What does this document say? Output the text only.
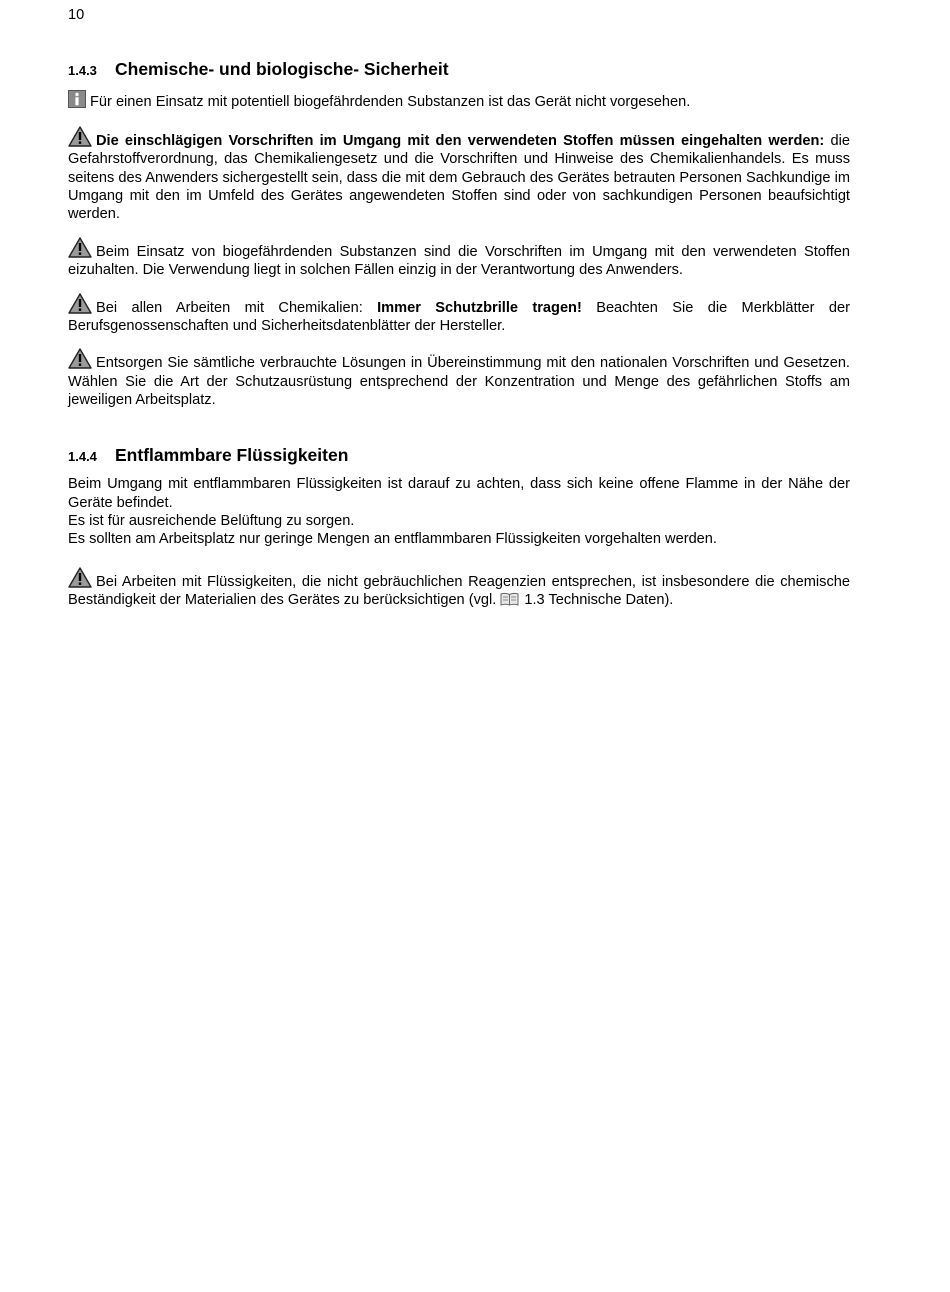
10
1.4.3	Chemische- und biologische- Sicherheit

Für einen Einsatz mit potentiell biogefährdenden Substanzen ist das Gerät nicht vorgesehen.

Die einschlägigen Vorschriften im Umgang mit den verwendeten Stoffen müssen eingehalten werden: die Gefahrstoffverordnung, das Chemikaliengesetz und die Vorschriften und Hinweise des Chemikalienhandels. Es muss seitens des Anwenders sichergestellt sein, dass die mit dem Gebrauch des Gerätes betrauten Personen Sachkundige im Umgang mit den im Umfeld des Gerätes angewendeten Stoffen sind oder von sachkundigen Personen beaufsichtigt werden.

Beim Einsatz von biogefährdenden Substanzen sind die Vorschriften im Umgang mit den verwendeten Stoffen eizuhalten. Die Verwendung liegt in solchen Fällen einzig in der Verantwortung des Anwenders.

Bei allen Arbeiten mit Chemikalien: Immer Schutzbrille tragen! Beachten Sie die Merkblätter der Berufsgenossenschaften und Sicherheitsdatenblätter der Hersteller.

Entsorgen Sie sämtliche verbrauchte Lösungen in Übereinstimmung mit den nationalen Vorschriften und Gesetzen. Wählen Sie die Art der Schutzausrüstung entsprechend der Konzentration und Menge des gefährlichen Stoffs am jeweiligen Arbeitsplatz.

1.4.4	Entflammbare Flüssigkeiten

Beim Umgang mit entflammbaren Flüssigkeiten ist darauf zu achten, dass sich keine offene Flamme in der Nähe der Geräte befindet.

Es ist für ausreichende Belüftung zu sorgen.

Es sollten am Arbeitsplatz nur geringe Mengen an entflammbaren Flüssigkeiten vorgehalten werden.

Bei Arbeiten mit Flüssigkeiten, die nicht gebräuchlichen Reagenzien entsprechen, ist insbesondere die chemische Beständigkeit der Materialien des Gerätes zu berücksichtigen (vgl.
1.3 Technische Daten).
